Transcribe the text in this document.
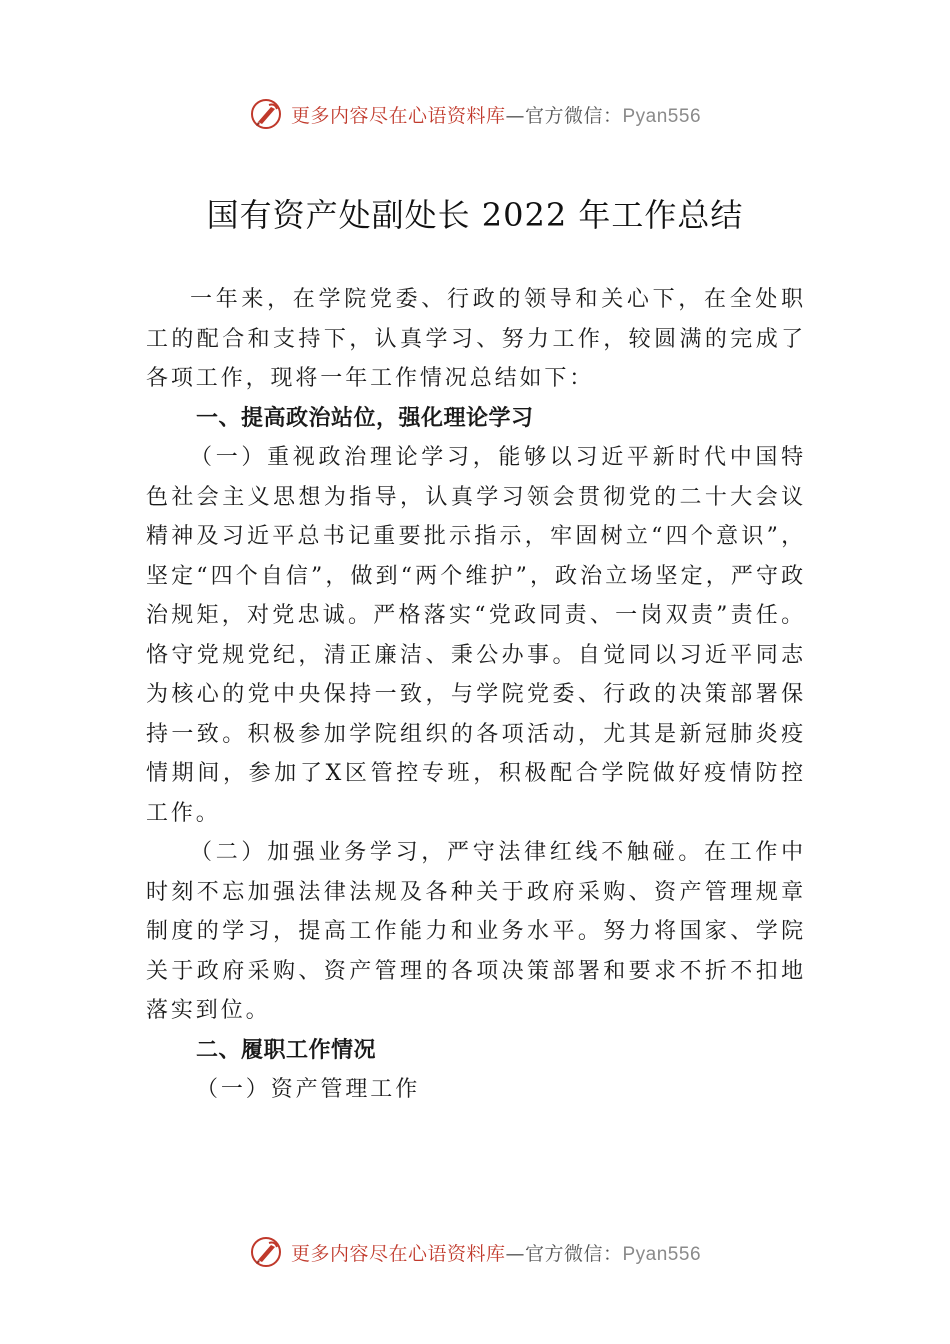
更多内容尽在心语资料库—官方微信：Pyan556
国有资产处副处长 2022 年工作总结

一年来，在学院党委、行政的领导和关心下，在全处职工的配合和支持下，认真学习、努力工作，较圆满的完成了各项工作，现将一年工作情况总结如下：

一、提高政治站位，强化理论学习

（一）重视政治理论学习，能够以习近平新时代中国特色社会主义思想为指导，认真学习领会贯彻党的二十大会议精神及习近平总书记重要批示指示，牢固树立“四个意识”，坚定“四个自信”，做到“两个维护”，政治立场坚定，严守政治规矩，对党忠诚。严格落实“党政同责、一岗双责”责任。恪守党规党纪，清正廉洁、秉公办事。自觉同以习近平同志为核心的党中央保持一致，与学院党委、行政的决策部署保持一致。积极参加学院组织的各项活动，尤其是新冠肺炎疫情期间，参加了X区管控专班，积极配合学院做好疫情防控工作。

（二）加强业务学习，严守法律红线不触碰。在工作中时刻不忘加强法律法规及各种关于政府采购、资产管理规章制度的学习，提高工作能力和业务水平。努力将国家、学院关于政府采购、资产管理的各项决策部署和要求不折不扣地落实到位。

二、履职工作情况

（一）资产管理工作

更多内容尽在心语资料库—官方微信：Pyan556
